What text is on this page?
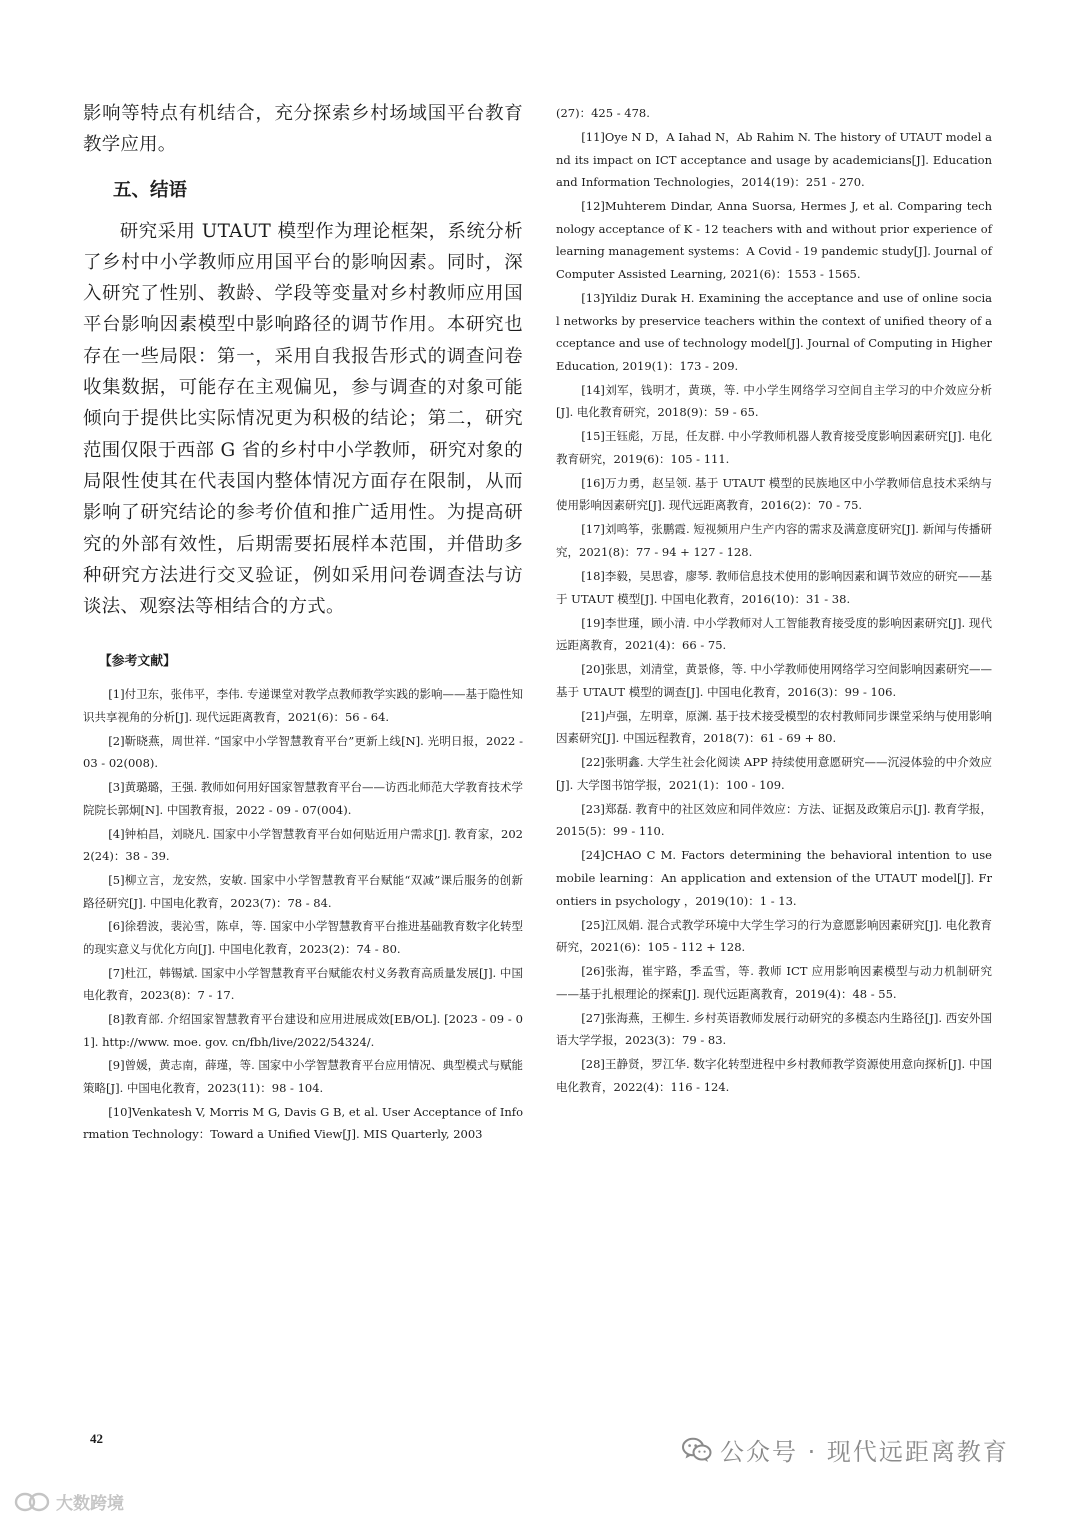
影响等特点有机结合，充分探索乡村场域国平台教育教学应用。

五、结语

研究采用 UTAUT 模型作为理论框架，系统分析了乡村中小学教师应用国平台的影响因素。同时，深入研究了性别、教龄、学段等变量对乡村教师应用国平台影响因素模型中影响路径的调节作用。本研究也存在一些局限：第一，采用自我报告形式的调查问卷收集数据，可能存在主观偏见，参与调查的对象可能倾向于提供比实际情况更为积极的结论；第二，研究范围仅限于西部 G 省的乡村中小学教师，研究对象的局限性使其在代表国内整体情况方面存在限制，从而影响了研究结论的参考价值和推广适用性。为提高研究的外部有效性，后期需要拓展样本范围，并借助多种研究方法进行交叉验证，例如采用问卷调查法与访谈法、观察法等相结合的方式。

【参考文献】

[1]付卫东，张伟平，李伟. 专递课堂对教学点教师教学实践的影响——基于隐性知识共享视角的分析[J]. 现代远距离教育，2021(6)：56 - 64.

[2]靳晓燕，周世祥. “国家中小学智慧教育平台”更新上线[N]. 光明日报，2022 - 03 - 02(008).

[3]黄璐璐，王强. 教师如何用好国家智慧教育平台——访西北师范大学教育技术学院院长郭炯[N]. 中国教育报，2022 - 09 - 07(004).

[4]钟柏昌，刘晓凡. 国家中小学智慧教育平台如何贴近用户需求[J]. 教育家，2022(24)：38 - 39.

[5]柳立言，龙安然，安敏. 国家中小学智慧教育平台赋能“双减”课后服务的创新路径研究[J]. 中国电化教育，2023(7)：78 - 84.

[6]徐碧波，裴沁雪，陈卓，等. 国家中小学智慧教育平台推进基础教育数字化转型的现实意义与优化方向[J]. 中国电化教育，2023(2)：74 - 80.

[7]杜江，韩锡斌. 国家中小学智慧教育平台赋能农村义务教育高质量发展[J]. 中国电化教育，2023(8)：7 - 17.

[8]教育部. 介绍国家智慧教育平台建设和应用进展成效[EB/OL]. [2023 - 09 - 01]. http://www. moe. gov. cn/fbh/live/2022/54324/.

[9]曾媛，黄志南，薛瑾，等. 国家中小学智慧教育平台应用情况、典型模式与赋能策略[J]. 中国电化教育，2023(11)：98 - 104.

[10]Venkatesh V, Morris M G, Davis G B, et al. User Acceptance of Information Technology：Toward a Unified View[J]. MIS Quarterly, 2003

(27)：425 - 478.

[11]Oye N D，A Iahad N，Ab Rahim N. The history of UTAUT model and its impact on ICT acceptance and usage by academicians[J]. Education and Information Technologies，2014(19)：251 - 270.

[12]Muhterem Dindar, Anna Suorsa, Hermes J, et al. Comparing technology acceptance of K - 12 teachers with and without prior experience of learning management systems：A Covid - 19 pandemic study[J]. Journal of Computer Assisted Learning, 2021(6)：1553 - 1565.

[13]Yildiz Durak H. Examining the acceptance and use of online social networks by preservice teachers within the context of unified theory of acceptance and use of technology model[J]. Journal of Computing in Higher Education, 2019(1)：173 - 209.

[14]刘军，钱明才，黄瑛，等. 中小学生网络学习空间自主学习的中介效应分析[J]. 电化教育研究，2018(9)：59 - 65.

[15]王钰彪，万昆，任友群. 中小学教师机器人教育接受度影响因素研究[J]. 电化教育研究，2019(6)：105 - 111.

[16]万力勇，赵呈领. 基于 UTAUT 模型的民族地区中小学教师信息技术采纳与使用影响因素研究[J]. 现代远距离教育，2016(2)：70 - 75.

[17]刘鸣筝，张鹏霞. 短视频用户生产内容的需求及满意度研究[J]. 新闻与传播研究，2021(8)：77 - 94 + 127 - 128.

[18]李毅，吴思睿，廖琴. 教师信息技术使用的影响因素和调节效应的研究——基于 UTAUT 模型[J]. 中国电化教育，2016(10)：31 - 38.

[19]李世瑾，顾小清. 中小学教师对人工智能教育接受度的影响因素研究[J]. 现代远距离教育，2021(4)：66 - 75.

[20]张思，刘清堂，黄景修，等. 中小学教师使用网络学习空间影响因素研究——基于 UTAUT 模型的调查[J]. 中国电化教育，2016(3)：99 - 106.

[21]卢强，左明章，原渊. 基于技术接受模型的农村教师同步课堂采纳与使用影响因素研究[J]. 中国远程教育，2018(7)：61 - 69 + 80.

[22]张明鑫. 大学生社会化阅读 APP 持续使用意愿研究——沉浸体验的中介效应[J]. 大学图书馆学报，2021(1)：100 - 109.

[23]郑磊. 教育中的社区效应和同伴效应：方法、证据及政策启示[J]. 教育学报，2015(5)：99 - 110.

[24]CHAO C M. Factors determining the behavioral intention to use mobile learning：An application and extension of the UTAUT model[J]. Frontiers in psychology ，2019(10)：1 - 13.

[25]江凤娟. 混合式教学环境中大学生学习的行为意愿影响因素研究[J]. 电化教育研究，2021(6)：105 - 112 + 128.

[26]张海，崔宇路，季孟雪，等. 教师 ICT 应用影响因素模型与动力机制研究——基于扎根理论的探索[J]. 现代远距离教育，2019(4)：48 - 55.

[27]张海燕，王柳生. 乡村英语教师发展行动研究的多模态内生路径[J]. 西安外国语大学学报，2023(3)：79 - 83.

[28]王静贤，罗江华. 数字化转型进程中乡村教师教学资源使用意向探析[J]. 中国电化教育，2022(4)：116 - 124.

42	公众号 · 现代远距离教育
大数跨境
